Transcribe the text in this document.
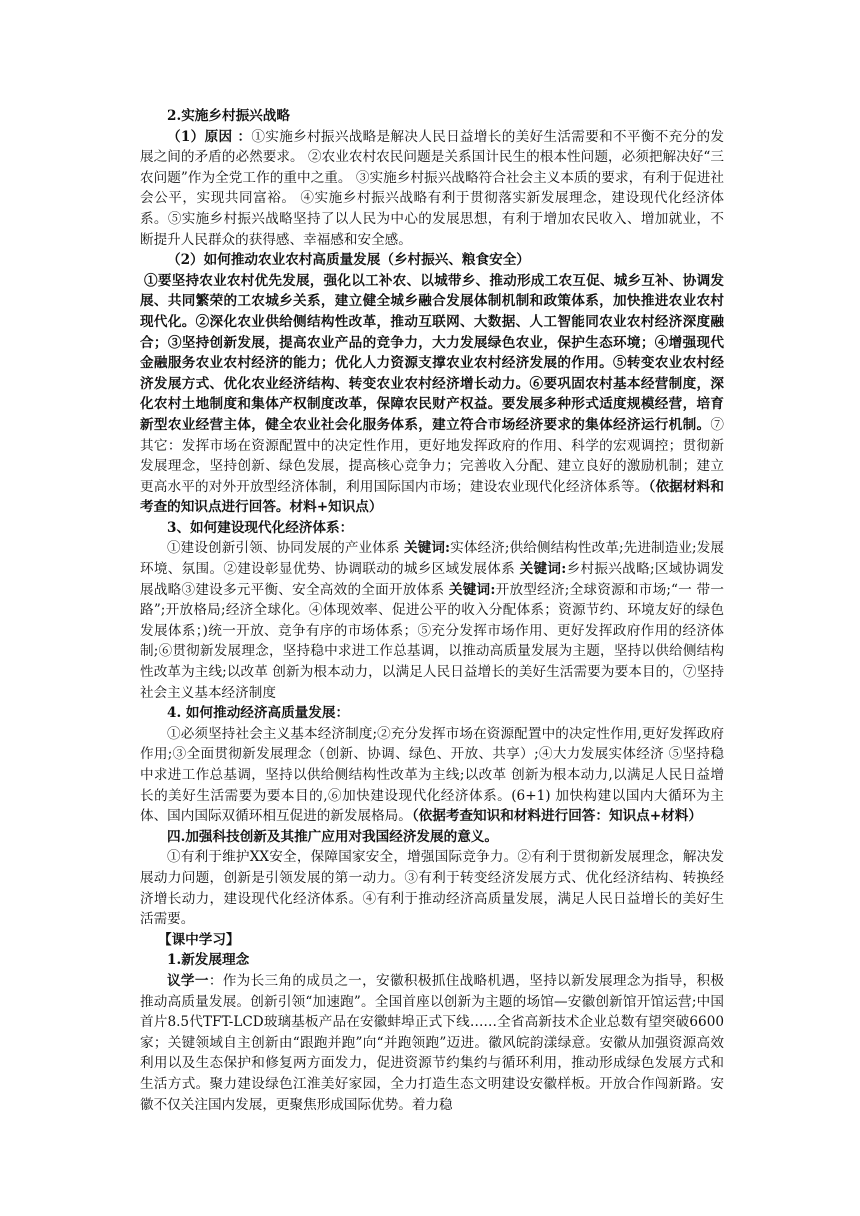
2.实施乡村振兴战略

（1）原因 ：①实施乡村振兴战略是解决人民日益增长的美好生活需要和不平衡不充分的发展之间的矛盾的必然要求。 ②农业农村农民问题是关系国计民生的根本性问题，必须把解决好“三农问题”作为全党工作的重中之重。 ③实施乡村振兴战略符合社会主义本质的要求，有利于促进社会公平，实现共同富裕。 ④实施乡村振兴战略有利于贯彻落实新发展理念，建设现代化经济体系。⑤实施乡村振兴战略坚持了以人民为中心的发展思想，有利于增加农民收入、增加就业，不断提升人民群众的获得感、幸福感和安全感。

（2）如何推动农业农村高质量发展（乡村振兴、粮食安全）

①要坚持农业农村优先发展，强化以工补农、以城带乡、推动形成工农互促、城乡互补、协调发展、共同繁荣的工农城乡关系，建立健全城乡融合发展体制机制和政策体系，加快推进农业农村现代化。②深化农业供给侧结构性改革，推动互联网、大数据、人工智能同农业农村经济深度融合；③坚持创新发展，提高农业产品的竞争力，大力发展绿色农业，保护生态环境；④增强现代金融服务农业农村经济的能力；优化人力资源支撑农业农村经济发展的作用。⑤转变农业农村经济发展方式、优化农业经济结构、转变农业农村经济增长动力。⑥要巩固农村基本经营制度，深化农村土地制度和集体产权制度改革，保障农民财产权益。要发展多种形式适度规模经营，培育新型农业经营主体，健全农业社会化服务体系，建立符合市场经济要求的集体经济运行机制。⑦其它：发挥市场在资源配置中的决定性作用，更好地发挥政府的作用、科学的宏观调控；贯彻新发展理念，坚持创新、绿色发展，提高核心竞争力；完善收入分配、建立良好的激励机制；建立更高水平的对外开放型经济体制，利用国际国内市场；建设农业现代化经济体系等。（依据材料和考查的知识点进行回答。材料+知识点）

3、如何建设现代化经济体系：

①建设创新引领、协同发展的产业体系 关键词:实体经济;供给侧结构性改革;先进制造业;发展环境、氛围。②建设彰显优势、协调联动的城乡区域发展体系 关键词:乡村振兴战略;区域协调发展战略③建设多元平衡、安全高效的全面开放体系 关键词:开放型经济;全球资源和市场;“一 带一路”;开放格局;经济全球化。④体现效率、促进公平的收入分配体系；资源节约、环境友好的绿色发展体系；)统一开放、竞争有序的市场体系；⑤充分发挥市场作用、更好发挥政府作用的经济体制;⑥贯彻新发展理念，坚持稳中求进工作总基调，以推动高质量发展为主题，坚持以供给侧结构性改革为主线;以改革 创新为根本动力，以满足人民日益增长的美好生活需要为要本目的，⑦坚持社会主义基本经济制度

4. 如何推动经济高质量发展：

①必须坚持社会主义基本经济制度;②充分发挥市场在资源配置中的决定性作用,更好发挥政府作用;③全面贯彻新发展理念（创新、协调、绿色、开放、共享）;④大力发展实体经济 ⑤坚持稳中求进工作总基调，坚持以供给侧结构性改革为主线;以改革 创新为根本动力,以满足人民日益增长的美好生活需要为要本目的,⑥加快建设现代化经济体系。(6+1) 加快构建以国内大循环为主体、国内国际双循环相互促进的新发展格局。（依据考查知识和材料进行回答：知识点+材料）

四.加强科技创新及其推广应用对我国经济发展的意义。

①有利于维护XX安全，保障国家安全，增强国际竞争力。②有利于贯彻新发展理念，解决发展动力问题，创新是引领发展的第一动力。③有利于转变经济发展方式、优化经济结构、转换经济增长动力，建设现代化经济体系。④有利于推动经济高质量发展，满足人民日益增长的美好生活需要。

【课中学习】

1.新发展理念

议学一：作为长三角的成员之一，安徽积极抓住战略机遇，坚持以新发展理念为指导，积极推动高质量发展。创新引领“加速跑”。全国首座以创新为主题的场馆—安徽创新馆开馆运营;中国首片8.5代TFT-LCD玻璃基板产品在安徽蚌埠正式下线……全省高新技术企业总数有望突破6600家；关键领域自主创新由“跟跑并跑”向“并跑领跑”迈进。徽风皖韵漾绿意。安徽从加强资源高效利用以及生态保护和修复两方面发力，促进资源节约集约与循环利用，推动形成绿色发展方式和生活方式。聚力建设绿色江淮美好家园，全力打造生态文明建设安徽样板。开放合作闯新路。安徽不仅关注国内发展，更聚焦形成国际优势。着力稳
